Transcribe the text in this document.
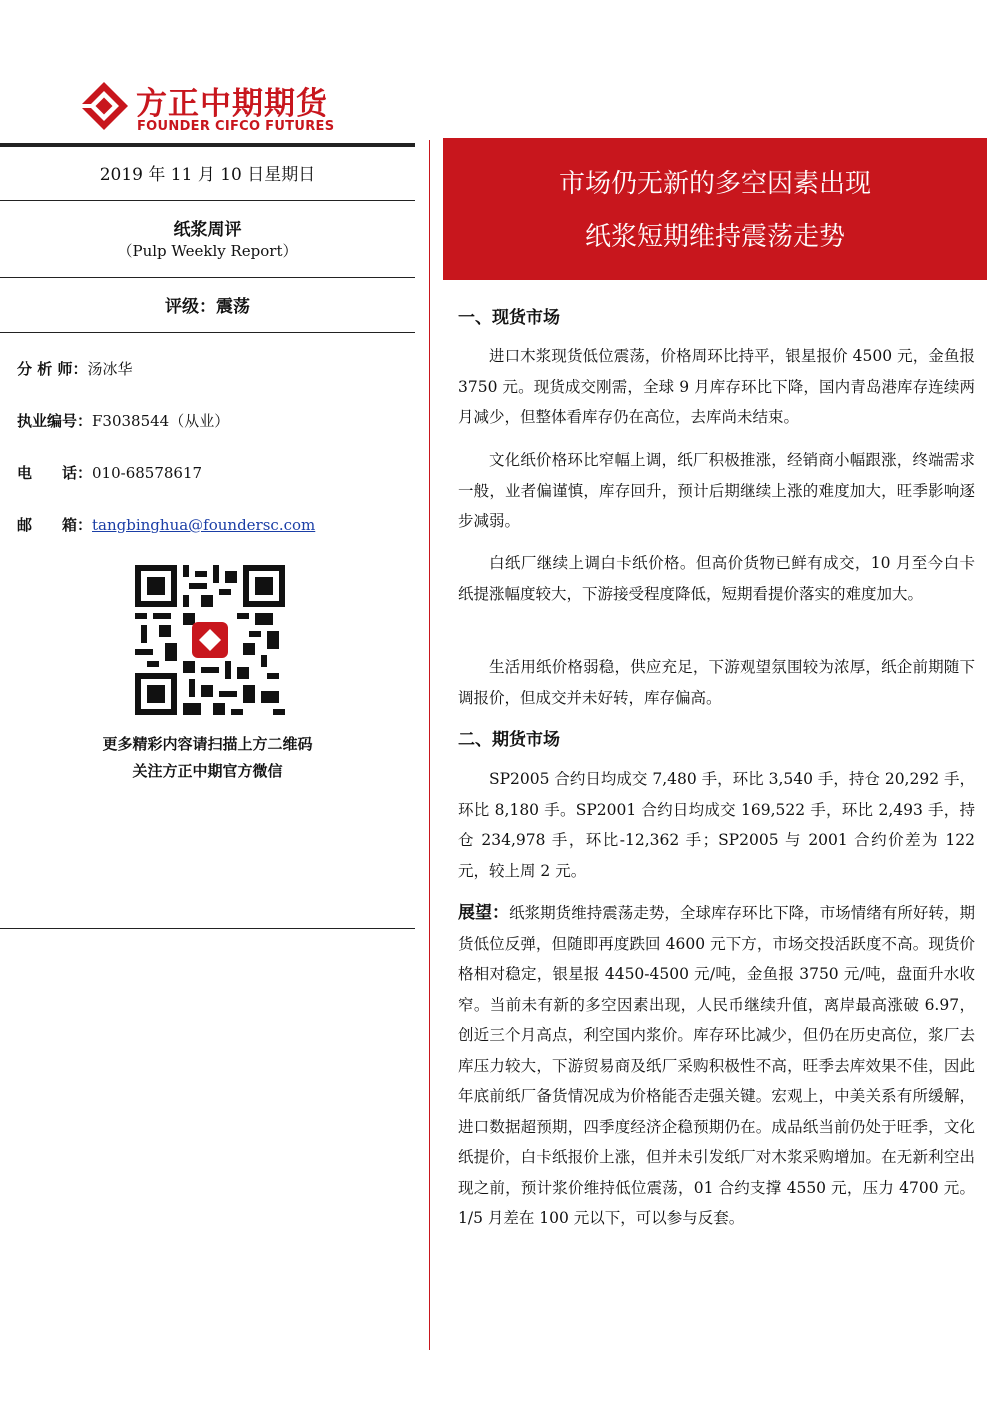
方正中期期货
FOUNDER CIFCO FUTURES
2019 年 11 月 10 日星期日
纸浆周评
（Pulp Weekly Report）
评级：震荡
分 析 师：汤冰华
执业编号：F3038544（从业）
电　　话：010-68578617
邮　　箱：tangbinghua@foundersc.com
更多精彩内容请扫描上方二维码
关注方正中期官方微信
市场仍无新的多空因素出现
纸浆短期维持震荡走势
一、现货市场
进口木浆现货低位震荡，价格周环比持平，银星报价 4500 元，金鱼报 3750 元。现货成交刚需，全球 9 月库存环比下降，国内青岛港库存连续两月减少，但整体看库存仍在高位，去库尚未结束。
文化纸价格环比窄幅上调，纸厂积极推涨，经销商小幅跟涨，终端需求一般，业者偏谨慎，库存回升，预计后期继续上涨的难度加大，旺季影响逐步减弱。
白纸厂继续上调白卡纸价格。但高价货物已鲜有成交，10 月至今白卡纸提涨幅度较大，下游接受程度降低，短期看提价落实的难度加大。
生活用纸价格弱稳，供应充足，下游观望氛围较为浓厚，纸企前期随下调报价，但成交并未好转，库存偏高。
二、期货市场
SP2005 合约日均成交 7,480 手，环比 3,540 手，持仓 20,292 手，环比 8,180 手。SP2001 合约日均成交 169,522 手，环比 2,493 手，持仓 234,978 手，环比-12,362 手；SP2005 与 2001 合约价差为 122 元，较上周 2 元。
展望：纸浆期货维持震荡走势，全球库存环比下降，市场情绪有所好转，期货低位反弹，但随即再度跌回 4600 元下方，市场交投活跃度不高。现货价格相对稳定，银星报 4450-4500 元/吨，金鱼报 3750 元/吨，盘面升水收窄。当前未有新的多空因素出现，人民币继续升值，离岸最高涨破 6.97，创近三个月高点，利空国内浆价。库存环比减少，但仍在历史高位，浆厂去库压力较大，下游贸易商及纸厂采购积极性不高，旺季去库效果不佳，因此年底前纸厂备货情况成为价格能否走强关键。宏观上，中美关系有所缓解，进口数据超预期，四季度经济企稳预期仍在。成品纸当前仍处于旺季，文化纸提价，白卡纸报价上涨，但并未引发纸厂对木浆采购增加。在无新利空出现之前，预计浆价维持低位震荡，01 合约支撑 4550 元，压力 4700 元。1/5 月差在 100 元以下，可以参与反套。
